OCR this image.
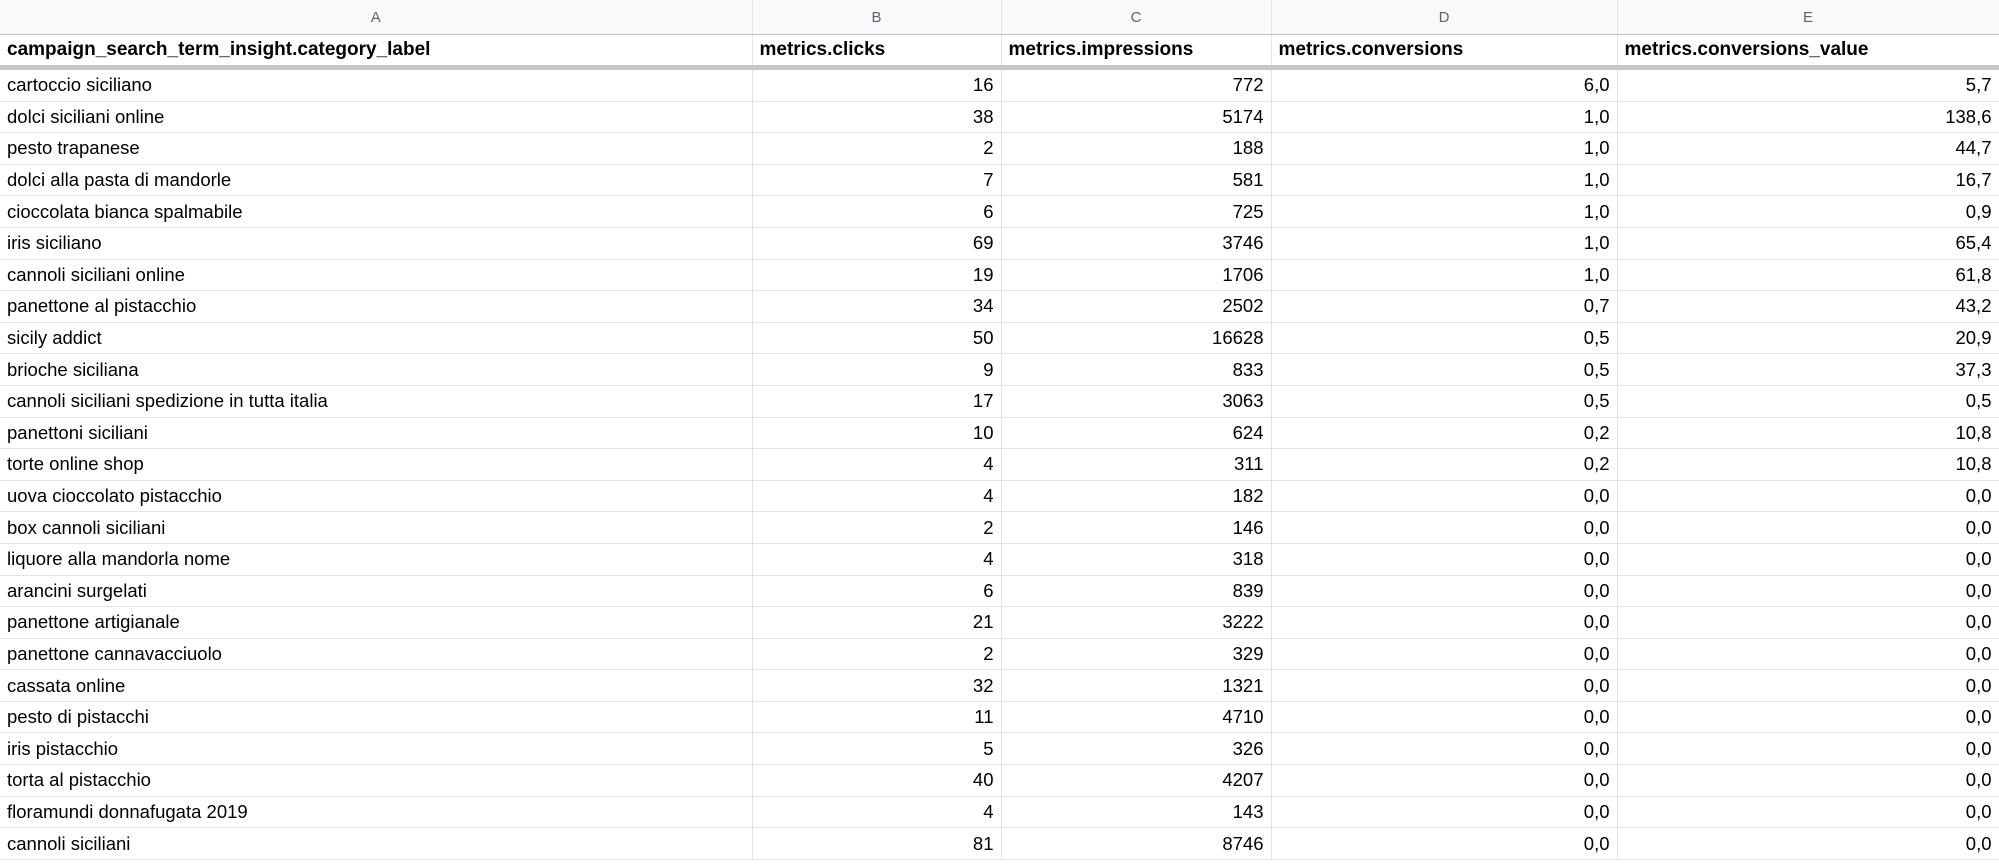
A	B	C	D	E
campaign_search_term_insight.category_label	metrics.clicks	metrics.impressions	metrics.conversions	metrics.conversions_value
cartoccio siciliano	16	772	6,0	5,7
dolci siciliani online	38	5174	1,0	138,6
pesto trapanese	2	188	1,0	44,7
dolci alla pasta di mandorle	7	581	1,0	16,7
cioccolata bianca spalmabile	6	725	1,0	0,9
iris siciliano	69	3746	1,0	65,4
cannoli siciliani online	19	1706	1,0	61,8
panettone al pistacchio	34	2502	0,7	43,2
sicily addict	50	16628	0,5	20,9
brioche siciliana	9	833	0,5	37,3
cannoli siciliani spedizione in tutta italia	17	3063	0,5	0,5
panettoni siciliani	10	624	0,2	10,8
torte online shop	4	311	0,2	10,8
uova cioccolato pistacchio	4	182	0,0	0,0
box cannoli siciliani	2	146	0,0	0,0
liquore alla mandorla nome	4	318	0,0	0,0
arancini surgelati	6	839	0,0	0,0
panettone artigianale	21	3222	0,0	0,0
panettone cannavacciuolo	2	329	0,0	0,0
cassata online	32	1321	0,0	0,0
pesto di pistacchi	11	4710	0,0	0,0
iris pistacchio	5	326	0,0	0,0
torta al pistacchio	40	4207	0,0	0,0
floramundi donnafugata 2019	4	143	0,0	0,0
cannoli siciliani	81	8746	0,0	0,0
